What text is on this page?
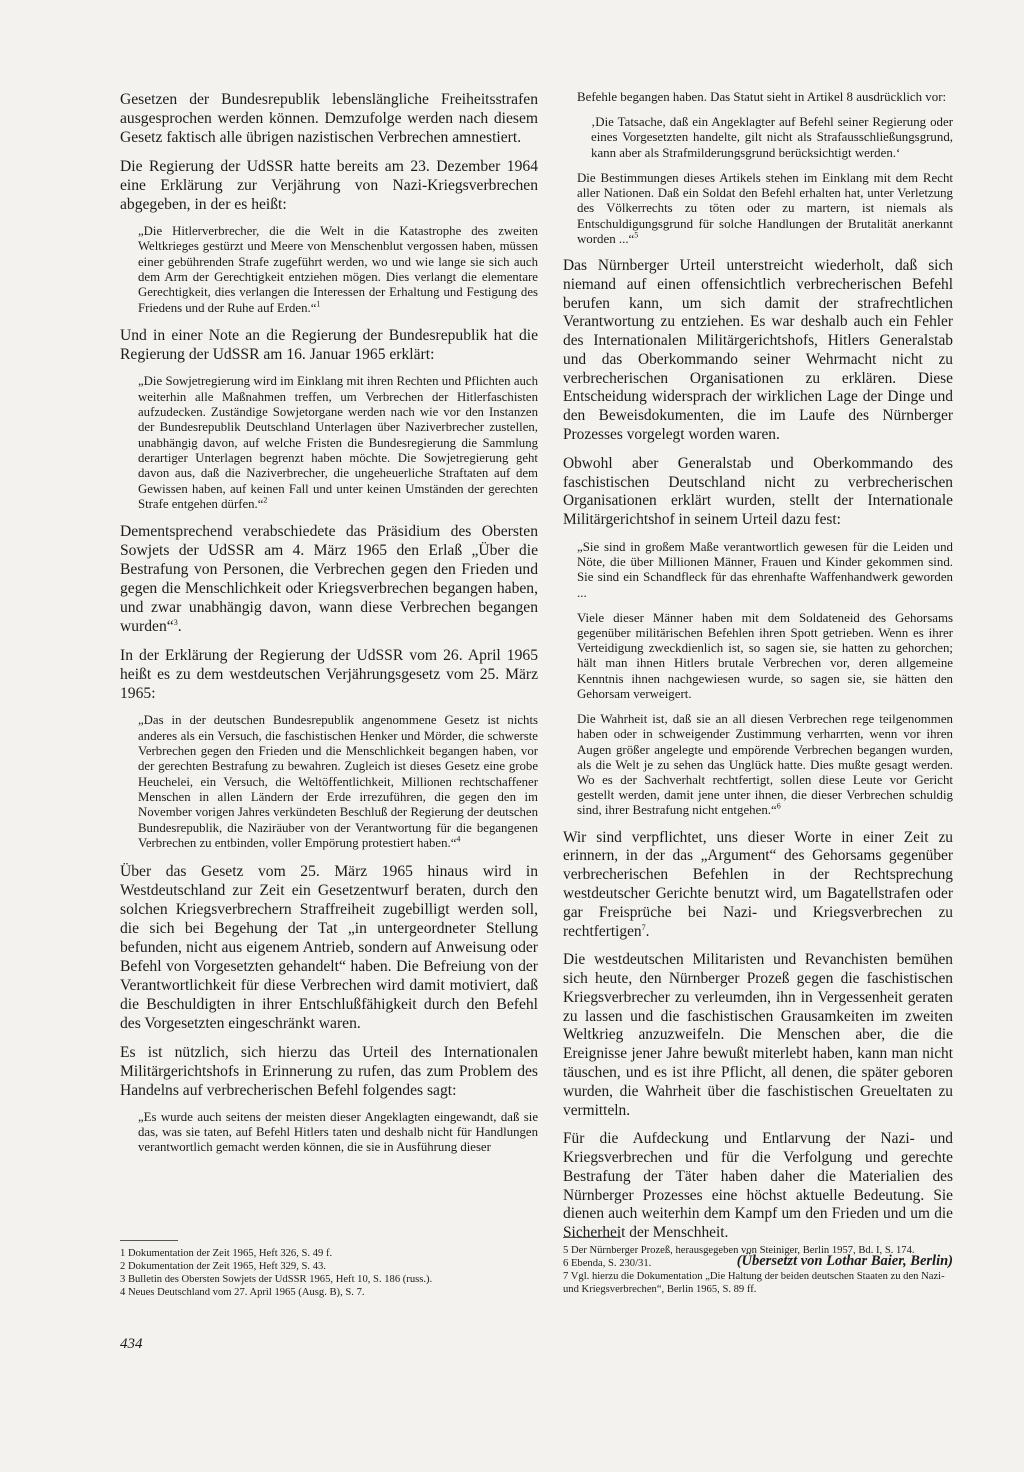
Gesetzen der Bundesrepublik lebenslängliche Freiheitsstrafen ausgesprochen werden können. Demzufolge werden nach diesem Gesetz faktisch alle übrigen nazistischen Verbrechen amnestiert.

Die Regierung der UdSSR hatte bereits am 23. Dezember 1964 eine Erklärung zur Verjährung von Nazi-Kriegsverbrechen abgegeben, in der es heißt:

„Die Hitlerverbrecher, die die Welt in die Katastrophe des zweiten Weltkrieges gestürzt und Meere von Menschenblut vergossen haben, müssen einer gebührenden Strafe zugeführt werden, wo und wie lange sie sich auch dem Arm der Gerechtigkeit entziehen mögen. Dies verlangt die elementare Gerechtigkeit, dies verlangen die Interessen der Erhaltung und Festigung des Friedens und der Ruhe auf Erden.“$^1$

Und in einer Note an die Regierung der Bundesrepublik hat die Regierung der UdSSR am 16. Januar 1965 erklärt:

„Die Sowjetregierung wird im Einklang mit ihren Rechten und Pflichten auch weiterhin alle Maßnahmen treffen, um Verbrechen der Hitlerfaschisten aufzudecken. Zuständige Sowjetorgane werden nach wie vor den Instanzen der Bundesrepublik Deutschland Unterlagen über Naziverbrecher zustellen, unabhängig davon, auf welche Fristen die Bundesregierung die Sammlung derartiger Unterlagen begrenzt haben möchte. Die Sowjetregierung geht davon aus, daß die Naziverbrecher, die ungeheuerliche Straftaten auf dem Gewissen haben, auf keinen Fall und unter keinen Umständen der gerechten Strafe entgehen dürfen.“$^2$

Dementsprechend verabschiedete das Präsidium des Obersten Sowjets der UdSSR am 4. März 1965 den Erlaß „Über die Bestrafung von Personen, die Verbrechen gegen den Frieden und gegen die Menschlichkeit oder Kriegsverbrechen begangen haben, und zwar unabhängig davon, wann diese Verbrechen begangen wurden“$^3$.

In der Erklärung der Regierung der UdSSR vom 26. April 1965 heißt es zu dem westdeutschen Verjährungsgesetz vom 25. März 1965:

„Das in der deutschen Bundesrepublik angenommene Gesetz ist nichts anderes als ein Versuch, die faschistischen Henker und Mörder, die schwerste Verbrechen gegen den Frieden und die Menschlichkeit begangen haben, vor der gerechten Bestrafung zu bewahren. Zugleich ist dieses Gesetz eine grobe Heuchelei, ein Versuch, die Weltöffentlichkeit, Millionen rechtschaffener Menschen in allen Ländern der Erde irrezuführen, die gegen den im November vorigen Jahres verkündeten Beschluß der Regierung der deutschen Bundesrepublik, die Naziräuber von der Verantwortung für die begangenen Verbrechen zu entbinden, voller Empörung protestiert haben.“$^4$

Über das Gesetz vom 25. März 1965 hinaus wird in Westdeutschland zur Zeit ein Gesetzentwurf beraten, durch den solchen Kriegsverbrechern Straffreiheit zugebilligt werden soll, die sich bei Begehung der Tat „in untergeordneter Stellung befunden, nicht aus eigenem Antrieb, sondern auf Anweisung oder Befehl von Vorgesetzten gehandelt“ haben. Die Befreiung von der Verantwortlichkeit für diese Verbrechen wird damit motiviert, daß die Beschuldigten in ihrer Entschlußfähigkeit durch den Befehl des Vorgesetzten eingeschränkt waren.

Es ist nützlich, sich hierzu das Urteil des Internationalen Militärgerichtshofs in Erinnerung zu rufen, das zum Problem des Handelns auf verbrecherischen Befehl folgendes sagt:

„Es wurde auch seitens der meisten dieser Angeklagten eingewandt, daß sie das, was sie taten, auf Befehl Hitlers taten und deshalb nicht für Handlungen verantwortlich gemacht werden können, die sie in Ausführung dieser

Befehle begangen haben. Das Statut sieht in Artikel 8 ausdrücklich vor:

‚Die Tatsache, daß ein Angeklagter auf Befehl seiner Regierung oder eines Vorgesetzten handelte, gilt nicht als Strafausschließungsgrund, kann aber als Strafmilderungsgrund berücksichtigt werden.‘

Die Bestimmungen dieses Artikels stehen im Einklang mit dem Recht aller Nationen. Daß ein Soldat den Befehl erhalten hat, unter Verletzung des Völkerrechts zu töten oder zu martern, ist niemals als Entschuldigungsgrund für solche Handlungen der Brutalität anerkannt worden ...“$^5$

Das Nürnberger Urteil unterstreicht wiederholt, daß sich niemand auf einen offensichtlich verbrecherischen Befehl berufen kann, um sich damit der strafrechtlichen Verantwortung zu entziehen. Es war deshalb auch ein Fehler des Internationalen Militärgerichtshofs, Hitlers Generalstab und das Oberkommando seiner Wehrmacht nicht zu verbrecherischen Organisationen zu erklären. Diese Entscheidung widersprach der wirklichen Lage der Dinge und den Beweisdokumenten, die im Laufe des Nürnberger Prozesses vorgelegt worden waren.

Obwohl aber Generalstab und Oberkommando des faschistischen Deutschland nicht zu verbrecherischen Organisationen erklärt wurden, stellt der Internationale Militärgerichtshof in seinem Urteil dazu fest:

„Sie sind in großem Maße verantwortlich gewesen für die Leiden und Nöte, die über Millionen Männer, Frauen und Kinder gekommen sind. Sie sind ein Schandfleck für das ehrenhafte Waffenhandwerk geworden ...

Viele dieser Männer haben mit dem Soldateneid des Gehorsams gegenüber militärischen Befehlen ihren Spott getrieben. Wenn es ihrer Verteidigung zweckdienlich ist, so sagen sie, sie hatten zu gehorchen; hält man ihnen Hitlers brutale Verbrechen vor, deren allgemeine Kenntnis ihnen nachgewiesen wurde, so sagen sie, sie hätten den Gehorsam verweigert.

Die Wahrheit ist, daß sie an all diesen Verbrechen rege teilgenommen haben oder in schweigender Zustimmung verharrten, wenn vor ihren Augen größer angelegte und empörende Verbrechen begangen wurden, als die Welt je zu sehen das Unglück hatte. Dies mußte gesagt werden. Wo es der Sachverhalt rechtfertigt, sollen diese Leute vor Gericht gestellt werden, damit jene unter ihnen, die dieser Verbrechen schuldig sind, ihrer Bestrafung nicht entgehen.“$^6$

Wir sind verpflichtet, uns dieser Worte in einer Zeit zu erinnern, in der das „Argument“ des Gehorsams gegenüber verbrecherischen Befehlen in der Rechtsprechung westdeutscher Gerichte benutzt wird, um Bagatellstrafen oder gar Freisprüche bei Nazi- und Kriegsverbrechen zu rechtfertigen$^7$.

Die westdeutschen Militaristen und Revanchisten bemühen sich heute, den Nürnberger Prozeß gegen die faschistischen Kriegsverbrecher zu verleumden, ihn in Vergessenheit geraten zu lassen und die faschistischen Grausamkeiten im zweiten Weltkrieg anzuzweifeln. Die Menschen aber, die die Ereignisse jener Jahre bewußt miterlebt haben, kann man nicht täuschen, und es ist ihre Pflicht, all denen, die später geboren wurden, die Wahrheit über die faschistischen Greueltaten zu vermitteln.

Für die Aufdeckung und Entlarvung der Nazi- und Kriegsverbrechen und für die Verfolgung und gerechte Bestrafung der Täter haben daher die Materialien des Nürnberger Prozesses eine höchst aktuelle Bedeutung. Sie dienen auch weiterhin dem Kampf um den Frieden und um die Sicherheit der Menschheit.

(Übersetzt von Lothar Baier, Berlin)

1 Dokumentation der Zeit 1965, Heft 326, S. 49 f.
2 Dokumentation der Zeit 1965, Heft 329, S. 43.
3 Bulletin des Obersten Sowjets der UdSSR 1965, Heft 10, S. 186 (russ.).
4 Neues Deutschland vom 27. April 1965 (Ausg. B), S. 7.
5 Der Nürnberger Prozeß, herausgegeben von Steiniger, Berlin 1957, Bd. I, S. 174.
6 Ebenda, S. 230/31.
7 Vgl. hierzu die Dokumentation „Die Haltung der beiden deutschen Staaten zu den Nazi- und Kriegsverbrechen“, Berlin 1965, S. 89 ff.
434
